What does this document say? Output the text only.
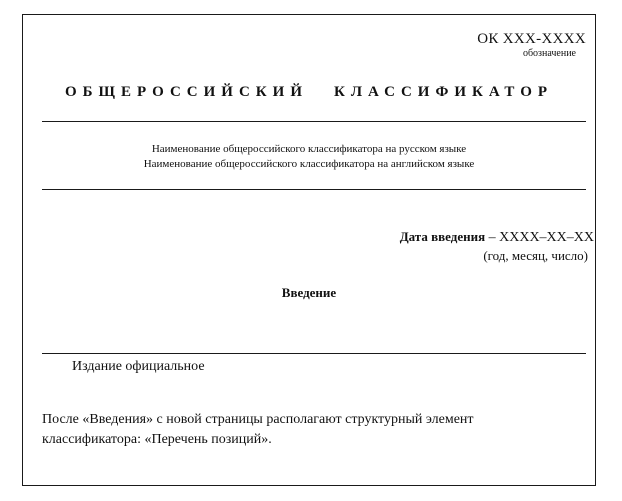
ОК XXX-XXXX
обозначение
ОБЩЕРОССИЙСКИЙ КЛАССИФИКАТОР
Наименование общероссийского классификатора на русском языке
Наименование общероссийского классификатора на английском языке
Дата введения – XXXX–XX–XX
(год, месяц, число)
Введение
Издание официальное
После «Введения» с новой страницы располагают структурный элемент
классификатора: «Перечень позиций».
